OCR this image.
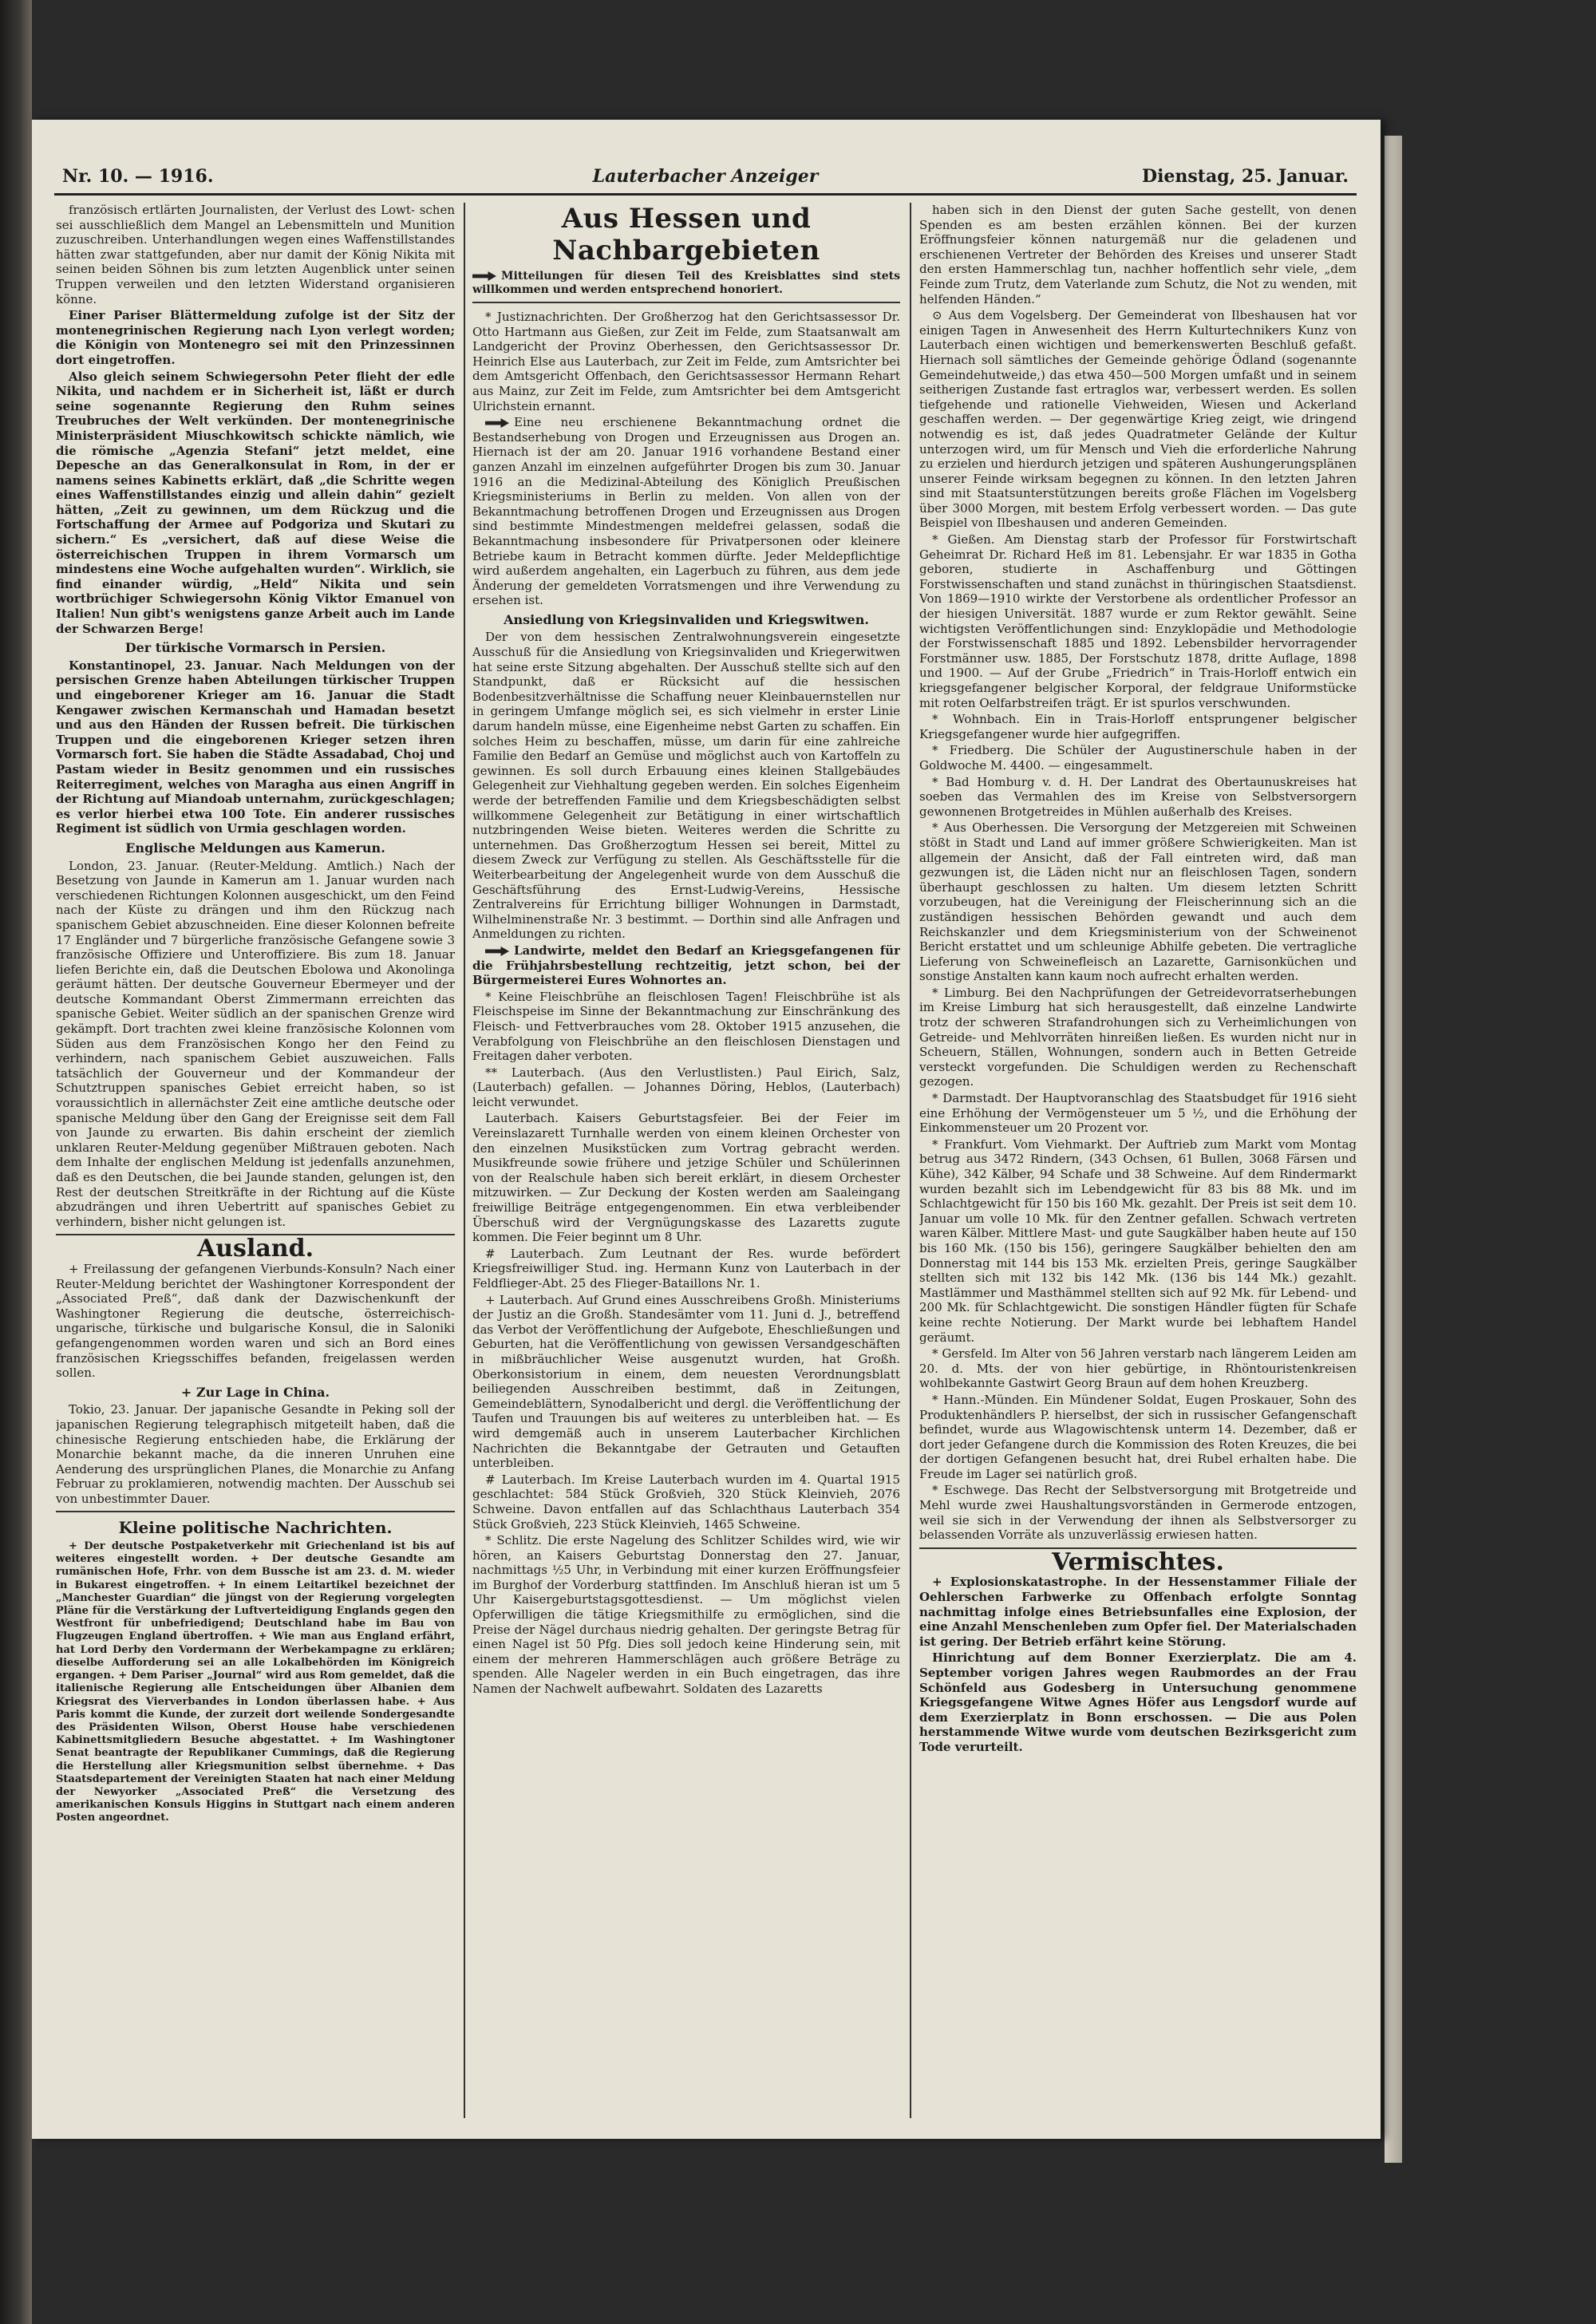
Nr. 10. — 1916.	Lauterbacher Anzeiger	Dienstag, 25. Januar.

französisch ertlärten Journalisten, der Verlust des Lowt- schen sei ausschließlich dem Mangel an Lebensmitteln und Munition zuzuschreiben. Unterhandlungen wegen eines Waffenstillstandes hätten zwar stattgefunden, aber nur damit der König Nikita mit seinen beiden Söhnen bis zum letzten Augenblick unter seinen Truppen verweilen und den letzten Widerstand organisieren könne.

Einer Pariser Blättermeldung zufolge ist der Sitz der montenegrinischen Regierung nach Lyon verlegt worden; die Königin von Montenegro sei mit den Prinzessinnen dort eingetroffen.

Also gleich seinem Schwiegersohn Peter flieht der edle Nikita, und nachdem er in Sicherheit ist, läßt er durch seine sogenannte Regierung den Ruhm seines Treubruches der Welt verkünden. Der montenegrinische Ministerpräsident Miuschkowitsch schickte nämlich, wie die römische „Agenzia Stefani“ jetzt meldet, eine Depesche an das Generalkonsulat in Rom, in der er namens seines Kabinetts erklärt, daß „die Schritte wegen eines Waffenstillstandes einzig und allein dahin“ gezielt hätten, „Zeit zu gewinnen, um dem Rückzug und die Fortschaffung der Armee auf Podgoriza und Skutari zu sichern.“ Es „versichert, daß auf diese Weise die österreichischen Truppen in ihrem Vormarsch um mindestens eine Woche aufgehalten wurden“. Wirklich, sie find einander würdig, „Held“ Nikita und sein wortbrüchiger Schwiegersohn König Viktor Emanuel von Italien! Nun gibt's wenigstens ganze Arbeit auch im Lande der Schwarzen Berge!

Der türkische Vormarsch in Persien.

Konstantinopel, 23. Januar. Nach Meldungen von der persischen Grenze haben Abteilungen türkischer Truppen und eingeborener Krieger am 16. Januar die Stadt Kengawer zwischen Kermanschah und Hamadan besetzt und aus den Händen der Russen befreit. Die türkischen Truppen und die eingeborenen Krieger setzen ihren Vormarsch fort. Sie haben die Städte Assadabad, Choj und Pastam wieder in Besitz genommen und ein russisches Reiterregiment, welches von Maragha aus einen Angriff in der Richtung auf Miandoab unternahm, zurückgeschlagen; es verlor hierbei etwa 100 Tote. Ein anderer russisches Regiment ist südlich von Urmia geschlagen worden.

Englische Meldungen aus Kamerun.

London, 23. Januar. (Reuter-Meldung. Amtlich.) Nach der Besetzung von Jaunde in Kamerun am 1. Januar wurden nach verschiedenen Richtungen Kolonnen ausgeschickt, um den Feind nach der Küste zu drängen und ihm den Rückzug nach spanischem Gebiet abzuschneiden. Eine dieser Kolonnen befreite 17 Engländer und 7 bürgerliche französische Gefangene sowie 3 französische Offiziere und Unteroffiziere. Bis zum 18. Januar liefen Berichte ein, daß die Deutschen Ebolowa und Akonolinga geräumt hätten. Der deutsche Gouverneur Ebermeyer und der deutsche Kommandant Oberst Zimmermann erreichten das spanische Gebiet. Weiter südlich an der spanischen Grenze wird gekämpft. Dort trachten zwei kleine französische Kolonnen vom Süden aus dem Französischen Kongo her den Feind zu verhindern, nach spanischem Gebiet auszuweichen. Falls tatsächlich der Gouverneur und der Kommandeur der Schutztruppen spanisches Gebiet erreicht haben, so ist voraussichtlich in allernächster Zeit eine amtliche deutsche oder spanische Meldung über den Gang der Ereignisse seit dem Fall von Jaunde zu erwarten. Bis dahin erscheint der ziemlich unklaren Reuter-Meldung gegenüber Mißtrauen geboten. Nach dem Inhalte der englischen Meldung ist jedenfalls anzunehmen, daß es den Deutschen, die bei Jaunde standen, gelungen ist, den Rest der deutschen Streitkräfte in der Richtung auf die Küste abzudrängen und ihren Uebertritt auf spanisches Gebiet zu verhindern, bisher nicht gelungen ist.

Ausland.

+ Freilassung der gefangenen Vierbunds-Konsuln? Nach einer Reuter-Meldung berichtet der Washingtoner Korrespondent der „Associated Preß“, daß dank der Dazwischenkunft der Washingtoner Regierung die deutsche, österreichisch-ungarische, türkische und bulgarische Konsul, die in Saloniki gefangengenommen worden waren und sich an Bord eines französischen Kriegsschiffes befanden, freigelassen werden sollen.

+ Zur Lage in China.

Tokio, 23. Januar. Der japanische Gesandte in Peking soll der japanischen Regierung telegraphisch mitgeteilt haben, daß die chinesische Regierung entschieden habe, die Erklärung der Monarchie bekannt mache, da die inneren Unruhen eine Aenderung des ursprünglichen Planes, die Monarchie zu Anfang Februar zu proklamieren, notwendig machten. Der Ausschub sei von unbestimmter Dauer.

Kleine politische Nachrichten.

+ Der deutsche Postpaketverkehr mit Griechenland ist bis auf weiteres eingestellt worden. + Der deutsche Gesandte am rumänischen Hofe, Frhr. von dem Bussche ist am 23. d. M. wieder in Bukarest eingetroffen. + In einem Leitartikel bezeichnet der „Manchester Guardian“ die jüngst von der Regierung vorgelegten Pläne für die Verstärkung der Luftverteidigung Englands gegen den Westfront für unbefriedigend; Deutschland habe im Bau von Flugzeugen England übertroffen. + Wie man aus England erfährt, hat Lord Derby den Vordermann der Werbekampagne zu erklären; dieselbe Aufforderung sei an alle Lokalbehörden im Königreich ergangen. + Dem Pariser „Journal“ wird aus Rom gemeldet, daß die italienische Regierung alle Entscheidungen über Albanien dem Kriegsrat des Vierverbandes in London überlassen habe. + Aus Paris kommt die Kunde, der zurzeit dort weilende Sondergesandte des Präsidenten Wilson, Oberst House habe verschiedenen Kabinettsmitgliedern Besuche abgestattet. + Im Washingtoner Senat beantragte der Republikaner Cummings, daß die Regierung die Herstellung aller Kriegsmunition selbst übernehme. + Das Staatsdepartement der Vereinigten Staaten hat nach einer Meldung der Newyorker „Associated Preß“ die Versetzung des amerikanischen Konsuls Higgins in Stuttgart nach einem anderen Posten angeordnet.

Aus Hessen und Nachbargebieten
Mitteilungen für diesen Teil des Kreisblattes sind stets willkommen und werden entsprechend honoriert.

* Justiznachrichten. Der Großherzog hat den Gerichtsassessor Dr. Otto Hartmann aus Gießen, zur Zeit im Felde, zum Staatsanwalt am Landgericht der Provinz Oberhessen, den Gerichtsassessor Dr. Heinrich Else aus Lauterbach, zur Zeit im Felde, zum Amtsrichter bei dem Amtsgericht Offenbach, den Gerichtsassessor Hermann Rehart aus Mainz, zur Zeit im Felde, zum Amtsrichter bei dem Amtsgericht Ulrichstein ernannt.

Eine neu erschienene Bekanntmachung ordnet die Bestandserhebung von Drogen und Erzeugnissen aus Drogen an. Hiernach ist der am 20. Januar 1916 vorhandene Bestand einer ganzen Anzahl im einzelnen aufgeführter Drogen bis zum 30. Januar 1916 an die Medizinal-Abteilung des Königlich Preußischen Kriegsministeriums in Berlin zu melden. Von allen von der Bekanntmachung betroffenen Drogen und Erzeugnissen aus Drogen sind bestimmte Mindestmengen meldefrei gelassen, sodaß die Bekanntmachung insbesondere für Privatpersonen oder kleinere Betriebe kaum in Betracht kommen dürfte. Jeder Meldepflichtige wird außerdem angehalten, ein Lagerbuch zu führen, aus dem jede Änderung der gemeldeten Vorratsmengen und ihre Verwendung zu ersehen ist.

Ansiedlung von Kriegsinvaliden und Kriegswitwen.

Der von dem hessischen Zentralwohnungsverein eingesetzte Ausschuß für die Ansiedlung von Kriegsinvaliden und Kriegerwitwen hat seine erste Sitzung abgehalten. Der Ausschuß stellte sich auf den Standpunkt, daß er Rücksicht auf die hessischen Bodenbesitzverhältnisse die Schaffung neuer Kleinbauernstellen nur in geringem Umfange möglich sei, es sich vielmehr in erster Linie darum handeln müsse, eine Eigenheime nebst Garten zu schaffen. Ein solches Heim zu beschaffen, müsse, um darin für eine zahlreiche Familie den Bedarf an Gemüse und möglichst auch von Kartoffeln zu gewinnen. Es soll durch Erbauung eines kleinen Stallgebäudes Gelegenheit zur Viehhaltung gegeben werden. Ein solches Eigenheim werde der betreffenden Familie und dem Kriegsbeschädigten selbst willkommene Gelegenheit zur Betätigung in einer wirtschaftlich nutzbringenden Weise bieten. Weiteres werden die Schritte zu unternehmen. Das Großherzogtum Hessen sei bereit, Mittel zu diesem Zweck zur Verfügung zu stellen. Als Geschäftsstelle für die Weiterbearbeitung der Angelegenheit wurde von dem Ausschuß die Geschäftsführung des Ernst-Ludwig-Vereins, Hessische Zentralvereins für Errichtung billiger Wohnungen in Darmstadt, Wilhelminenstraße Nr. 3 bestimmt. — Dorthin sind alle Anfragen und Anmeldungen zu richten.

Landwirte, meldet den Bedarf an Kriegsgefangenen für die Frühjahrsbestellung rechtzeitig, jetzt schon, bei der Bürgermeisterei Eures Wohnortes an.

* Keine Fleischbrühe an fleischlosen Tagen! Fleischbrühe ist als Fleischspeise im Sinne der Bekanntmachung zur Einschränkung des Fleisch- und Fettverbrauches vom 28. Oktober 1915 anzusehen, die Verabfolgung von Fleischbrühe an den fleischlosen Dienstagen und Freitagen daher verboten.

** Lauterbach. (Aus den Verlustlisten.) Paul Eirich, Salz, (Lauterbach) gefallen. — Johannes Döring, Heblos, (Lauterbach) leicht verwundet.

Lauterbach. Kaisers Geburtstagsfeier. Bei der Feier im Vereinslazarett Turnhalle werden von einem kleinen Orchester von den einzelnen Musikstücken zum Vortrag gebracht werden. Musikfreunde sowie frühere und jetzige Schüler und Schülerinnen von der Realschule haben sich bereit erklärt, in diesem Orchester mitzuwirken. — Zur Deckung der Kosten werden am Saaleingang freiwillige Beiträge entgegengenommen. Ein etwa verbleibender Überschuß wird der Vergnügungskasse des Lazaretts zugute kommen. Die Feier beginnt um 8 Uhr.

# Lauterbach. Zum Leutnant der Res. wurde befördert Kriegsfreiwilliger Stud. ing. Hermann Kunz von Lauterbach in der Feldflieger-Abt. 25 des Flieger-Bataillons Nr. 1.

+ Lauterbach. Auf Grund eines Ausschreibens Großh. Ministeriums der Justiz an die Großh. Standesämter vom 11. Juni d. J., betreffend das Verbot der Veröffentlichung der Aufgebote, Eheschließungen und Geburten, hat die Veröffentlichung von gewissen Versandgeschäften in mißbräuchlicher Weise ausgenutzt wurden, hat Großh. Oberkonsistorium in einem, dem neuesten Verordnungsblatt beiliegenden Ausschreiben bestimmt, daß in Zeitungen, Gemeindeblättern, Synodalbericht und dergl. die Veröffentlichung der Taufen und Trauungen bis auf weiteres zu unterbleiben hat. — Es wird demgemäß auch in unserem Lauterbacher Kirchlichen Nachrichten die Bekanntgabe der Getrauten und Getauften unterbleiben.

# Lauterbach. Im Kreise Lauterbach wurden im 4. Quartal 1915 geschlachtet: 584 Stück Großvieh, 320 Stück Kleinvieh, 2076 Schweine. Davon entfallen auf das Schlachthaus Lauterbach 354 Stück Großvieh, 223 Stück Kleinvieh, 1465 Schweine.

* Schlitz. Die erste Nagelung des Schlitzer Schildes wird, wie wir hören, an Kaisers Geburtstag Donnerstag den 27. Januar, nachmittags ½5 Uhr, in Verbindung mit einer kurzen Eröffnungsfeier im Burghof der Vorderburg stattfinden. Im Anschluß hieran ist um 5 Uhr Kaisergeburtstagsgottesdienst. — Um möglichst vielen Opferwilligen die tätige Kriegsmithilfe zu ermöglichen, sind die Preise der Nägel durchaus niedrig gehalten. Der geringste Betrag für einen Nagel ist 50 Pfg. Dies soll jedoch keine Hinderung sein, mit einem der mehreren Hammerschlägen auch größere Beträge zu spenden. Alle Nageler werden in ein Buch eingetragen, das ihre Namen der Nachwelt aufbewahrt. Soldaten des Lazaretts

haben sich in den Dienst der guten Sache gestellt, von denen Spenden es am besten erzählen können. Bei der kurzen Eröffnungsfeier können naturgemäß nur die geladenen und erschienenen Vertreter der Behörden des Kreises und unserer Stadt den ersten Hammerschlag tun, nachher hoffentlich sehr viele, „dem Feinde zum Trutz, dem Vaterlande zum Schutz, die Not zu wenden, mit helfenden Händen.“

⊙ Aus dem Vogelsberg. Der Gemeinderat von Ilbeshausen hat vor einigen Tagen in Anwesenheit des Herrn Kulturtechnikers Kunz von Lauterbach einen wichtigen und bemerkenswerten Beschluß gefaßt. Hiernach soll sämtliches der Gemeinde gehörige Ödland (sogenannte Gemeindehutweide,) das etwa 450—500 Morgen umfaßt und in seinem seitherigen Zustande fast ertraglos war, verbessert werden. Es sollen tiefgehende und rationelle Viehweiden, Wiesen und Ackerland geschaffen werden. — Der gegenwärtige Krieg zeigt, wie dringend notwendig es ist, daß jedes Quadratmeter Gelände der Kultur unterzogen wird, um für Mensch und Vieh die erforderliche Nahrung zu erzielen und hierdurch jetzigen und späteren Aushungerungsplänen unserer Feinde wirksam begegnen zu können. In den letzten Jahren sind mit Staatsunterstützungen bereits große Flächen im Vogelsberg über 3000 Morgen, mit bestem Erfolg verbessert worden. — Das gute Beispiel von Ilbeshausen und anderen Gemeinden.

* Gießen. Am Dienstag starb der Professor für Forstwirtschaft Geheimrat Dr. Richard Heß im 81. Lebensjahr. Er war 1835 in Gotha geboren, studierte in Aschaffenburg und Göttingen Forstwissenschaften und stand zunächst in thüringischen Staatsdienst. Von 1869—1910 wirkte der Verstorbene als ordentlicher Professor an der hiesigen Universität. 1887 wurde er zum Rektor gewählt. Seine wichtigsten Veröffentlichungen sind: Enzyklopädie und Methodologie der Forstwissenschaft 1885 und 1892. Lebensbilder hervorragender Forstmänner usw. 1885, Der Forstschutz 1878, dritte Auflage, 1898 und 1900. — Auf der Grube „Friedrich“ in Trais-Horloff entwich ein kriegsgefangener belgischer Korporal, der feldgraue Uniformstücke mit roten Oelfarbstreifen trägt. Er ist spurlos verschwunden.

* Wohnbach. Ein in Trais-Horloff entsprungener belgischer Kriegsgefangener wurde hier aufgegriffen.

* Friedberg. Die Schüler der Augustinerschule haben in der Goldwoche M. 4400. — eingesammelt.

* Bad Homburg v. d. H. Der Landrat des Obertaunuskreises hat soeben das Vermahlen des im Kreise von Selbstversorgern gewonnenen Brotgetreides in Mühlen außerhalb des Kreises.

* Aus Oberhessen. Die Versorgung der Metzgereien mit Schweinen stößt in Stadt und Land auf immer größere Schwierigkeiten. Man ist allgemein der Ansicht, daß der Fall eintreten wird, daß man gezwungen ist, die Läden nicht nur an fleischlosen Tagen, sondern überhaupt geschlossen zu halten. Um diesem letzten Schritt vorzubeugen, hat die Vereinigung der Fleischerinnung sich an die zuständigen hessischen Behörden gewandt und auch dem Reichskanzler und dem Kriegsministerium von der Schweinenot Bericht erstattet und um schleunige Abhilfe gebeten. Die vertragliche Lieferung von Schweinefleisch an Lazarette, Garnisonküchen und sonstige Anstalten kann kaum noch aufrecht erhalten werden.

* Limburg. Bei den Nachprüfungen der Getreidevorratserhebungen im Kreise Limburg hat sich herausgestellt, daß einzelne Landwirte trotz der schweren Strafandrohungen sich zu Verheimlichungen von Getreide- und Mehlvorräten hinreißen ließen. Es wurden nicht nur in Scheuern, Ställen, Wohnungen, sondern auch in Betten Getreide versteckt vorgefunden. Die Schuldigen werden zu Rechenschaft gezogen.

* Darmstadt. Der Hauptvoranschlag des Staatsbudget für 1916 sieht eine Erhöhung der Vermögensteuer um 5 ½, und die Erhöhung der Einkommensteuer um 20 Prozent vor.

* Frankfurt. Vom Viehmarkt. Der Auftrieb zum Markt vom Montag betrug aus 3472 Rindern, (343 Ochsen, 61 Bullen, 3068 Färsen und Kühe), 342 Kälber, 94 Schafe und 38 Schweine. Auf dem Rindermarkt wurden bezahlt sich im Lebendgewicht für 83 bis 88 Mk. und im Schlachtgewicht für 150 bis 160 Mk. gezahlt. Der Preis ist seit dem 10. Januar um volle 10 Mk. für den Zentner gefallen. Schwach vertreten waren Kälber. Mittlere Mast- und gute Saugkälber haben heute auf 150 bis 160 Mk. (150 bis 156), geringere Saugkälber behielten den am Donnerstag mit 144 bis 153 Mk. erzielten Preis, geringe Saugkälber stellten sich mit 132 bis 142 Mk. (136 bis 144 Mk.) gezahlt. Mastlämmer und Masthämmel stellten sich auf 92 Mk. für Lebend- und 200 Mk. für Schlachtgewicht. Die sonstigen Händler fügten für Schafe keine rechte Notierung. Der Markt wurde bei lebhaftem Handel geräumt.

* Gersfeld. Im Alter von 56 Jahren verstarb nach längerem Leiden am 20. d. Mts. der von hier gebürtige, in Rhöntouristenkreisen wohlbekannte Gastwirt Georg Braun auf dem hohen Kreuzberg.

* Hann.-Münden. Ein Mündener Soldat, Eugen Proskauer, Sohn des Produktenhändlers P. hierselbst, der sich in russischer Gefangenschaft befindet, wurde aus Wlagowischtensk unterm 14. Dezember, daß er dort jeder Gefangene durch die Kommission des Roten Kreuzes, die bei der dortigen Gefangenen besucht hat, drei Rubel erhalten habe. Die Freude im Lager sei natürlich groß.

* Eschwege. Das Recht der Selbstversorgung mit Brotgetreide und Mehl wurde zwei Haushaltungsvorständen in Germerode entzogen, weil sie sich in der Verwendung der ihnen als Selbstversorger zu belassenden Vorräte als unzuverlässig erwiesen hatten.

Vermischtes.

+ Explosionskatastrophe. In der Hessenstammer Filiale der Oehlerschen Farbwerke zu Offenbach erfolgte Sonntag nachmittag infolge eines Betriebsunfalles eine Explosion, der eine Anzahl Menschenleben zum Opfer fiel. Der Materialschaden ist gering. Der Betrieb erfährt keine Störung.

Hinrichtung auf dem Bonner Exerzierplatz. Die am 4. September vorigen Jahres wegen Raubmordes an der Frau Schönfeld aus Godesberg in Untersuchung genommene Kriegsgefangene Witwe Agnes Höfer aus Lengsdorf wurde auf dem Exerzierplatz in Bonn erschossen. — Die aus Polen herstammende Witwe wurde vom deutschen Bezirksgericht zum Tode verurteilt.
